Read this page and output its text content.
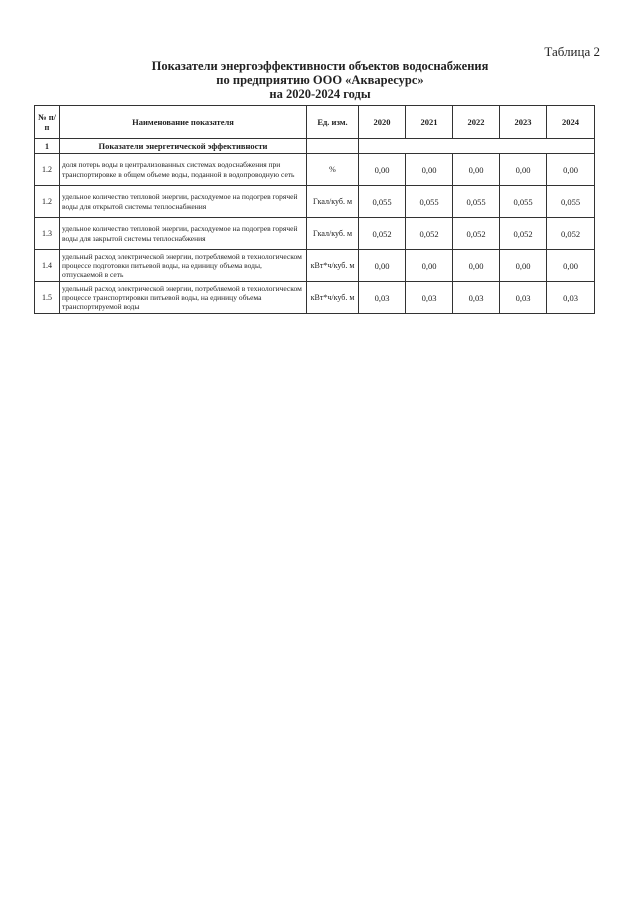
Таблица 2
Показатели энергоэффективности объектов водоснабжения
по предприятию ООО «Акваресурс»
на 2020-2024 годы
№ п/п	Наименование показателя	Ед. изм.	2020	2021	2022	2023	2024
1	Показатели энергетической эффективности						
1.2	доля потерь воды в централизованных системах водоснабжения при транспортировке в общем объеме воды, поданной в водопроводную сеть	%	0,00	0,00	0,00	0,00	0,00
1.2	удельное количество тепловой энергии, расходуемое на подогрев горячей воды для открытой системы теплоснабжения	Гкал/куб. м	0,055	0,055	0,055	0,055	0,055
1.3	удельное количество тепловой энергии, расходуемое на подогрев горячей воды для закрытой системы теплоснабжения	Гкал/куб. м	0,052	0,052	0,052	0,052	0,052
1.4	удельный расход электрической энергии, потребляемой в технологическом процессе подготовки питьевой воды, на единицу объема воды, отпускаемой в сеть	кВт*ч/куб. м	0,00	0,00	0,00	0,00	0,00
1.5	удельный расход электрической энергии, потребляемой в технологическом процессе транспортировки питьевой воды, на единицу объема транспортируемой воды	кВт*ч/куб. м	0,03	0,03	0,03	0,03	0,03
